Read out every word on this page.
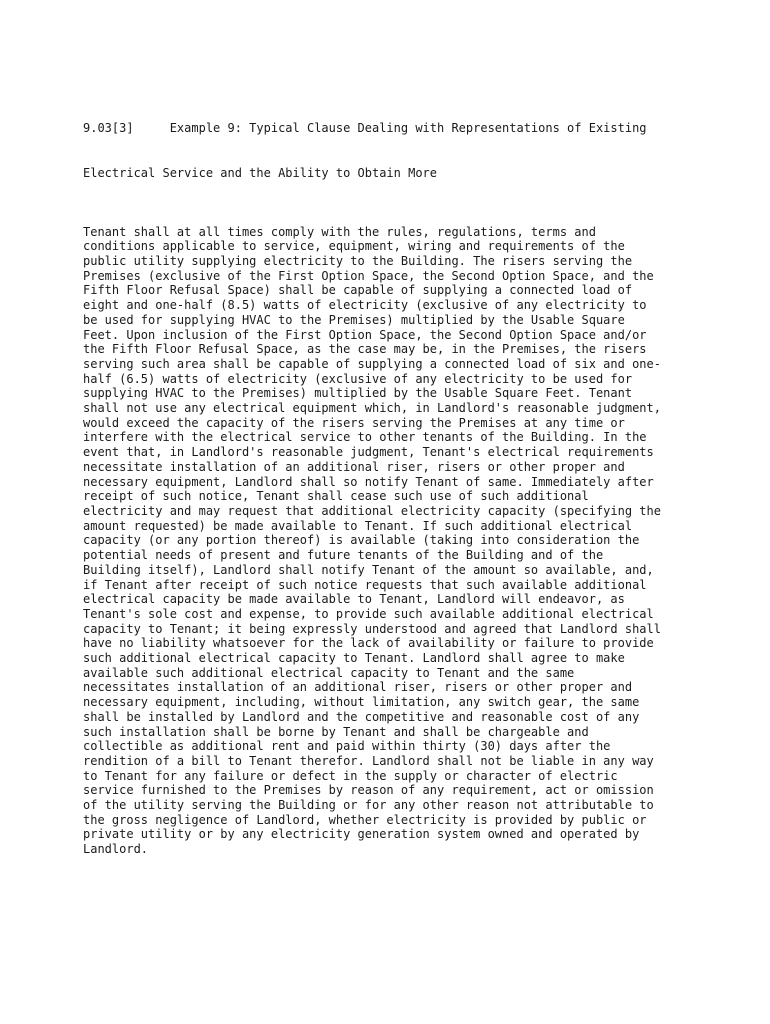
9.03[3]     Example 9: Typical Clause Dealing with Representations of Existing

Electrical Service and the Ability to Obtain More

Tenant shall at all times comply with the rules, regulations, terms and
conditions applicable to service, equipment, wiring and requirements of the
public utility supplying electricity to the Building. The risers serving the
Premises (exclusive of the First Option Space, the Second Option Space, and the
Fifth Floor Refusal Space) shall be capable of supplying a connected load of
eight and one-half (8.5) watts of electricity (exclusive of any electricity to
be used for supplying HVAC to the Premises) multiplied by the Usable Square
Feet. Upon inclusion of the First Option Space, the Second Option Space and/or
the Fifth Floor Refusal Space, as the case may be, in the Premises, the risers
serving such area shall be capable of supplying a connected load of six and one-
half (6.5) watts of electricity (exclusive of any electricity to be used for
supplying HVAC to the Premises) multiplied by the Usable Square Feet. Tenant
shall not use any electrical equipment which, in Landlord's reasonable judgment,
would exceed the capacity of the risers serving the Premises at any time or
interfere with the electrical service to other tenants of the Building. In the
event that, in Landlord's reasonable judgment, Tenant's electrical requirements
necessitate installation of an additional riser, risers or other proper and
necessary equipment, Landlord shall so notify Tenant of same. Immediately after
receipt of such notice, Tenant shall cease such use of such additional
electricity and may request that additional electricity capacity (specifying the
amount requested) be made available to Tenant. If such additional electrical
capacity (or any portion thereof) is available (taking into consideration the
potential needs of present and future tenants of the Building and of the
Building itself), Landlord shall notify Tenant of the amount so available, and,
if Tenant after receipt of such notice requests that such available additional
electrical capacity be made available to Tenant, Landlord will endeavor, as
Tenant's sole cost and expense, to provide such available additional electrical
capacity to Tenant; it being expressly understood and agreed that Landlord shall
have no liability whatsoever for the lack of availability or failure to provide
such additional electrical capacity to Tenant. Landlord shall agree to make
available such additional electrical capacity to Tenant and the same
necessitates installation of an additional riser, risers or other proper and
necessary equipment, including, without limitation, any switch gear, the same
shall be installed by Landlord and the competitive and reasonable cost of any
such installation shall be borne by Tenant and shall be chargeable and
collectible as additional rent and paid within thirty (30) days after the
rendition of a bill to Tenant therefor. Landlord shall not be liable in any way
to Tenant for any failure or defect in the supply or character of electric
service furnished to the Premises by reason of any requirement, act or omission
of the utility serving the Building or for any other reason not attributable to
the gross negligence of Landlord, whether electricity is provided by public or
private utility or by any electricity generation system owned and operated by
Landlord.
